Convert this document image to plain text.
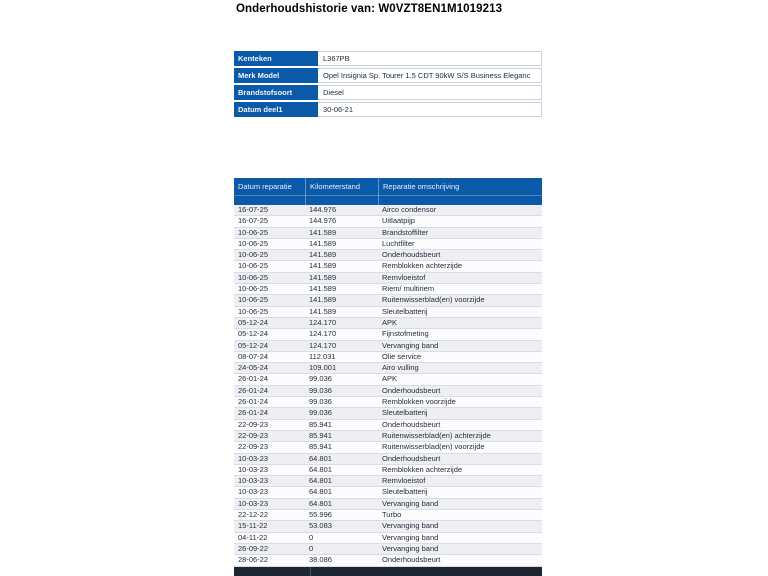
Onderhoudshistorie van: W0VZT8EN1M1019213
Kenteken	L367PB
Merk Model	Opel Insignia Sp. Tourer 1.5 CDT 90kW S/S Business Eleganc
Brandstofsoort	Diesel
Datum deel1	30-06-21
Datum reparatie	Kilometerstand	Reparatie omschrijving
16-07-25	144.976	Airco condensor
16-07-25	144.976	Uitlaatpijp
10-06-25	141.589	Brandstoffilter
10-06-25	141.589	Luchtfilter
10-06-25	141.589	Onderhoudsbeurt
10-06-25	141.589	Remblokken achterzijde
10-06-25	141.589	Remvloeistof
10-06-25	141.589	Riem/ multiriem
10-06-25	141.589	Ruitenwisserblad(en) voorzijde
10-06-25	141.589	Sleutelbatterij
05-12-24	124.170	APK
05-12-24	124.170	Fijnstofmeting
05-12-24	124.170	Vervanging band
08-07-24	112.031	Olie service
24-05-24	109.001	Airo vulling
26-01-24	99.036	APK
26-01-24	99.036	Onderhoudsbeurt
26-01-24	99.036	Remblokken voorzijde
26-01-24	99.036	Sleutelbatterij
22-09-23	85.941	Onderhoudsbeurt
22-09-23	85.941	Ruitenwisserblad(en) achterzijde
22-09-23	85.941	Ruitenwisserblad(en) voorzijde
10-03-23	64.801	Onderhoudsbeurt
10-03-23	64.801	Remblokken achterzijde
10-03-23	64.801	Remvloeistof
10-03-23	64.801	Sleutelbatterij
10-03-23	64.801	Vervanging band
22-12-22	55.996	Turbo
15-11-22	53.083	Vervanging band
04-11-22	0	Vervanging band
26-09-22	0	Vervanging band
28-06-22	38.086	Onderhoudsbeurt
